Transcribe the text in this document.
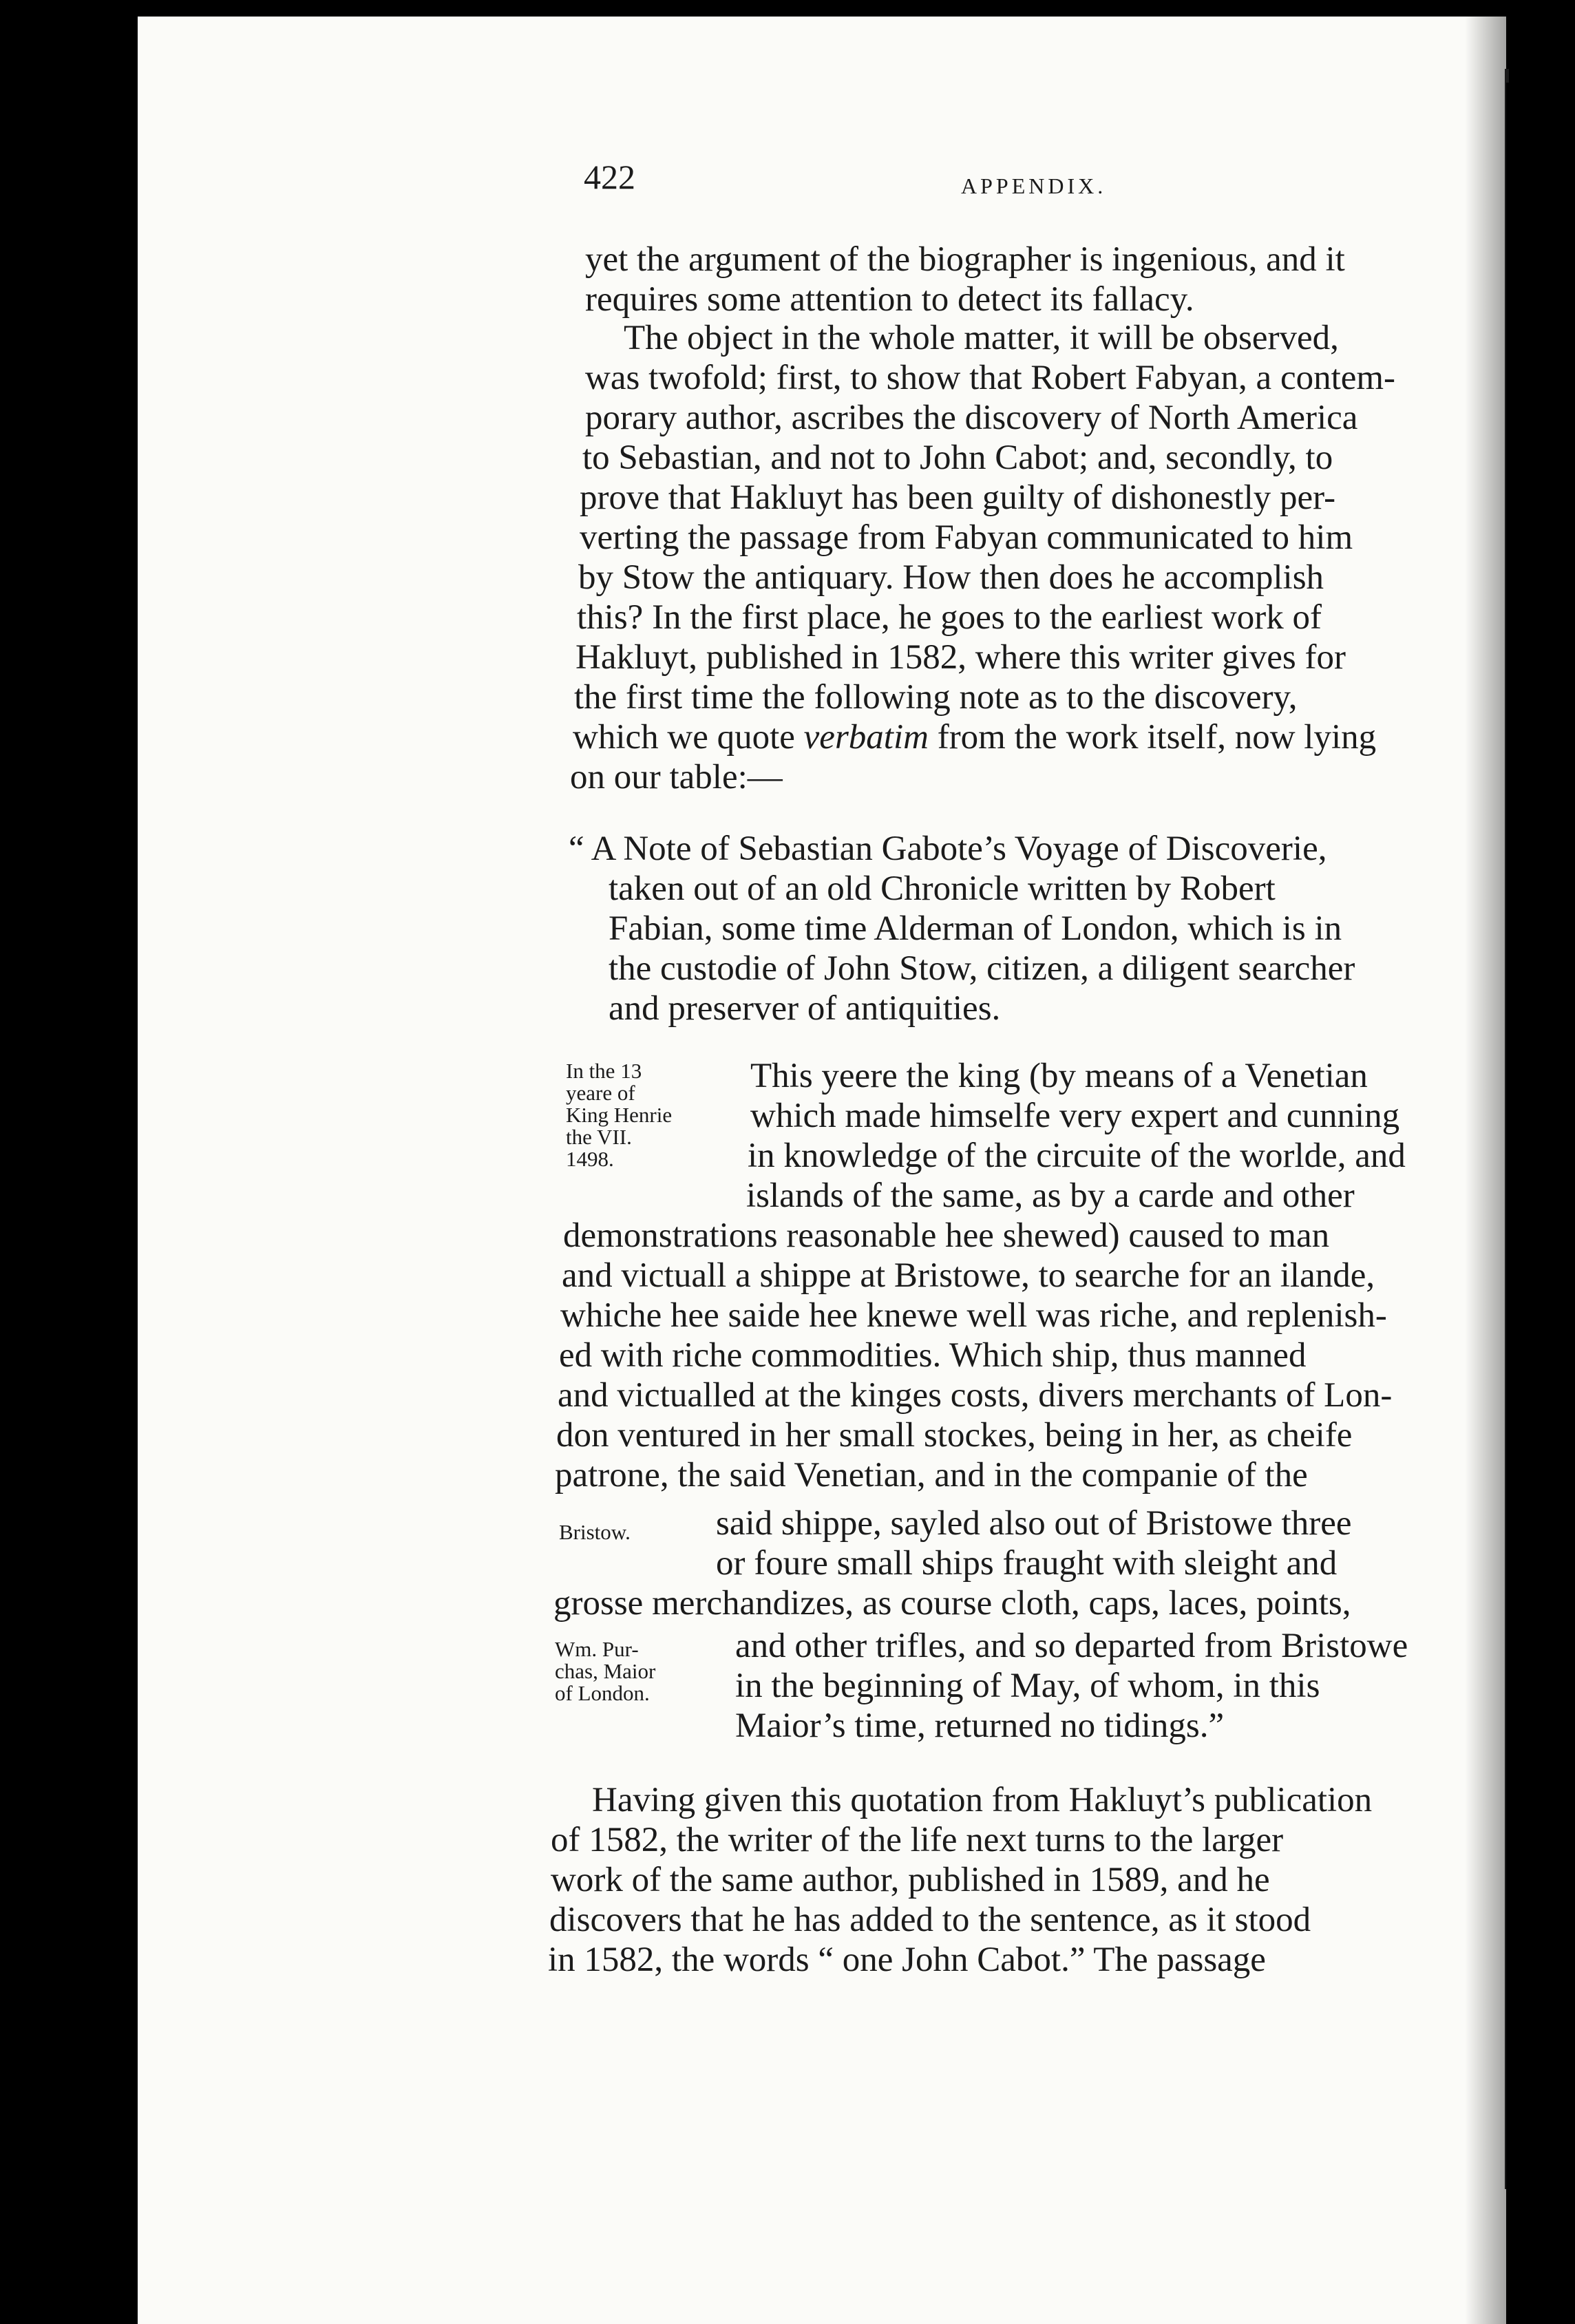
422	APPENDIX.
yet the argument of the biographer is ingenious, and it
requires some attention to detect its fallacy.
The object in the whole matter, it will be observed,
was twofold; first, to show that Robert Fabyan, a contem-
porary author, ascribes the discovery of North America
to Sebastian, and not to John Cabot; and, secondly, to
prove that Hakluyt has been guilty of dishonestly per-
verting the passage from Fabyan communicated to him
by Stow the antiquary. How then does he accomplish
this? In the first place, he goes to the earliest work of
Hakluyt, published in 1582, where this writer gives for
the first time the following note as to the discovery,
which we quote verbatim from the work itself, now lying
on our table:—
“ A Note of Sebastian Gabote’s Voyage of Discoverie,
taken out of an old Chronicle written by Robert
Fabian, some time Alderman of London, which is in
the custodie of John Stow, citizen, a diligent searcher
and preserver of antiquities.
In the 13
yeare of
King Henrie
the VII.
1498.
Bristow.
Wm. Pur-
chas, Maior
of London.
This yeere the king (by means of a Venetian
which made himselfe very expert and cunning
in knowledge of the circuite of the worlde, and
islands of the same, as by a carde and other
demonstrations reasonable hee shewed) caused to man
and victuall a shippe at Bristowe, to searche for an ilande,
whiche hee saide hee knewe well was riche, and replenish-
ed with riche commodities. Which ship, thus manned
and victualled at the kinges costs, divers merchants of Lon-
don ventured in her small stockes, being in her, as cheife
patrone, the said Venetian, and in the companie of the
said shippe, sayled also out of Bristowe three
or foure small ships fraught with sleight and
grosse merchandizes, as course cloth, caps, laces, points,
and other trifles, and so departed from Bristowe
in the beginning of May, of whom, in this
Maior’s time, returned no tidings.”
Having given this quotation from Hakluyt’s publication
of 1582, the writer of the life next turns to the larger
work of the same author, published in 1589, and he
discovers that he has added to the sentence, as it stood
in 1582, the words “ one John Cabot.” The passage
